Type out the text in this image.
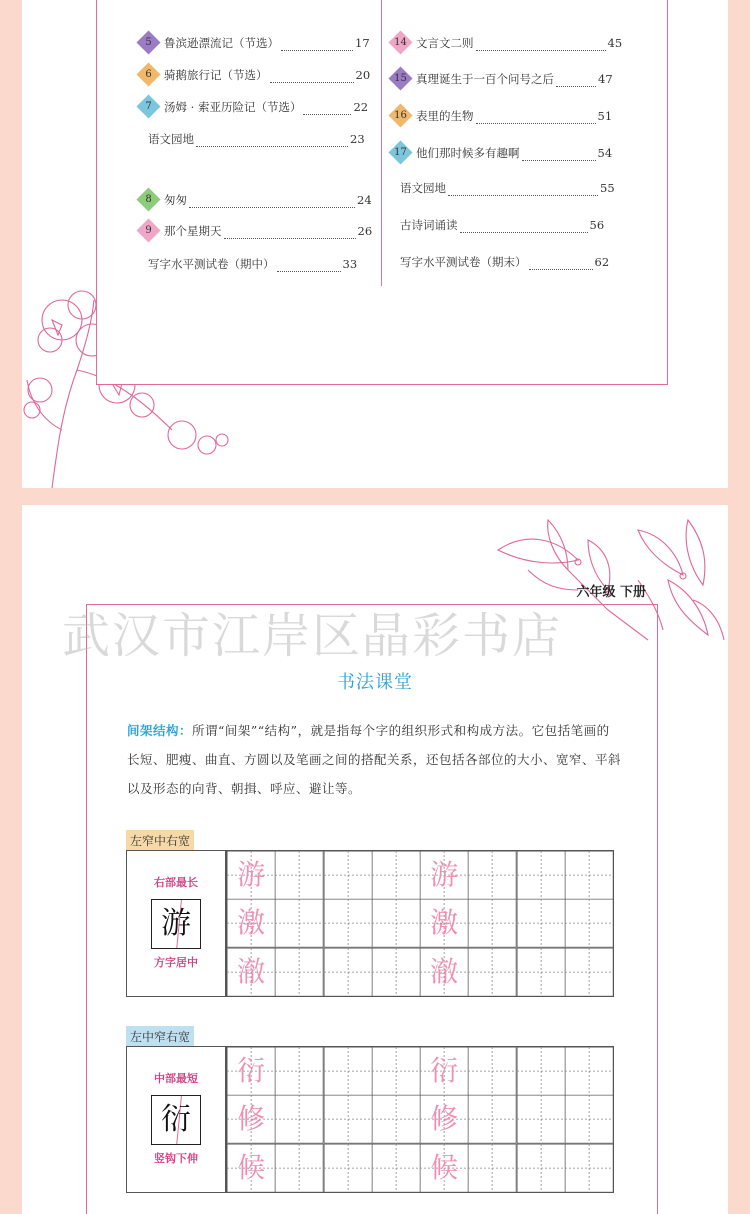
5	鲁滨逊漂流记（节选）	17
6	骑鹅旅行记（节选）	20
7	汤姆 · 索亚历险记（节选）	22
语文园地	23
8	匆匆	24
9	那个星期天	26
写字水平测试卷（期中）	33
14 文言文二则	45
15 真理诞生于一百个问号之后	47
16 表里的生物	51
17 他们那时候多有趣啊	54
语文园地	55
古诗词诵读	56
写字水平测试卷（期末）	62
六年级 下册
武汉市江岸区晶彩书店
书法课堂
间架结构：所谓“间架”“结构”，就是指每个字的组织形式和构成方法。它包括笔画的长短、肥瘦、曲直、方圆以及笔画之间的搭配关系，还包括各部位的大小、宽窄、平斜以及形态的向背、朝揖、呼应、避让等。
左窄中右宽
右部最长
游
方字居中
游	游
激	激
澈	澈
左中窄右宽
中部最短
衍
竖钩下伸
衍	衍
修	修
候	候
